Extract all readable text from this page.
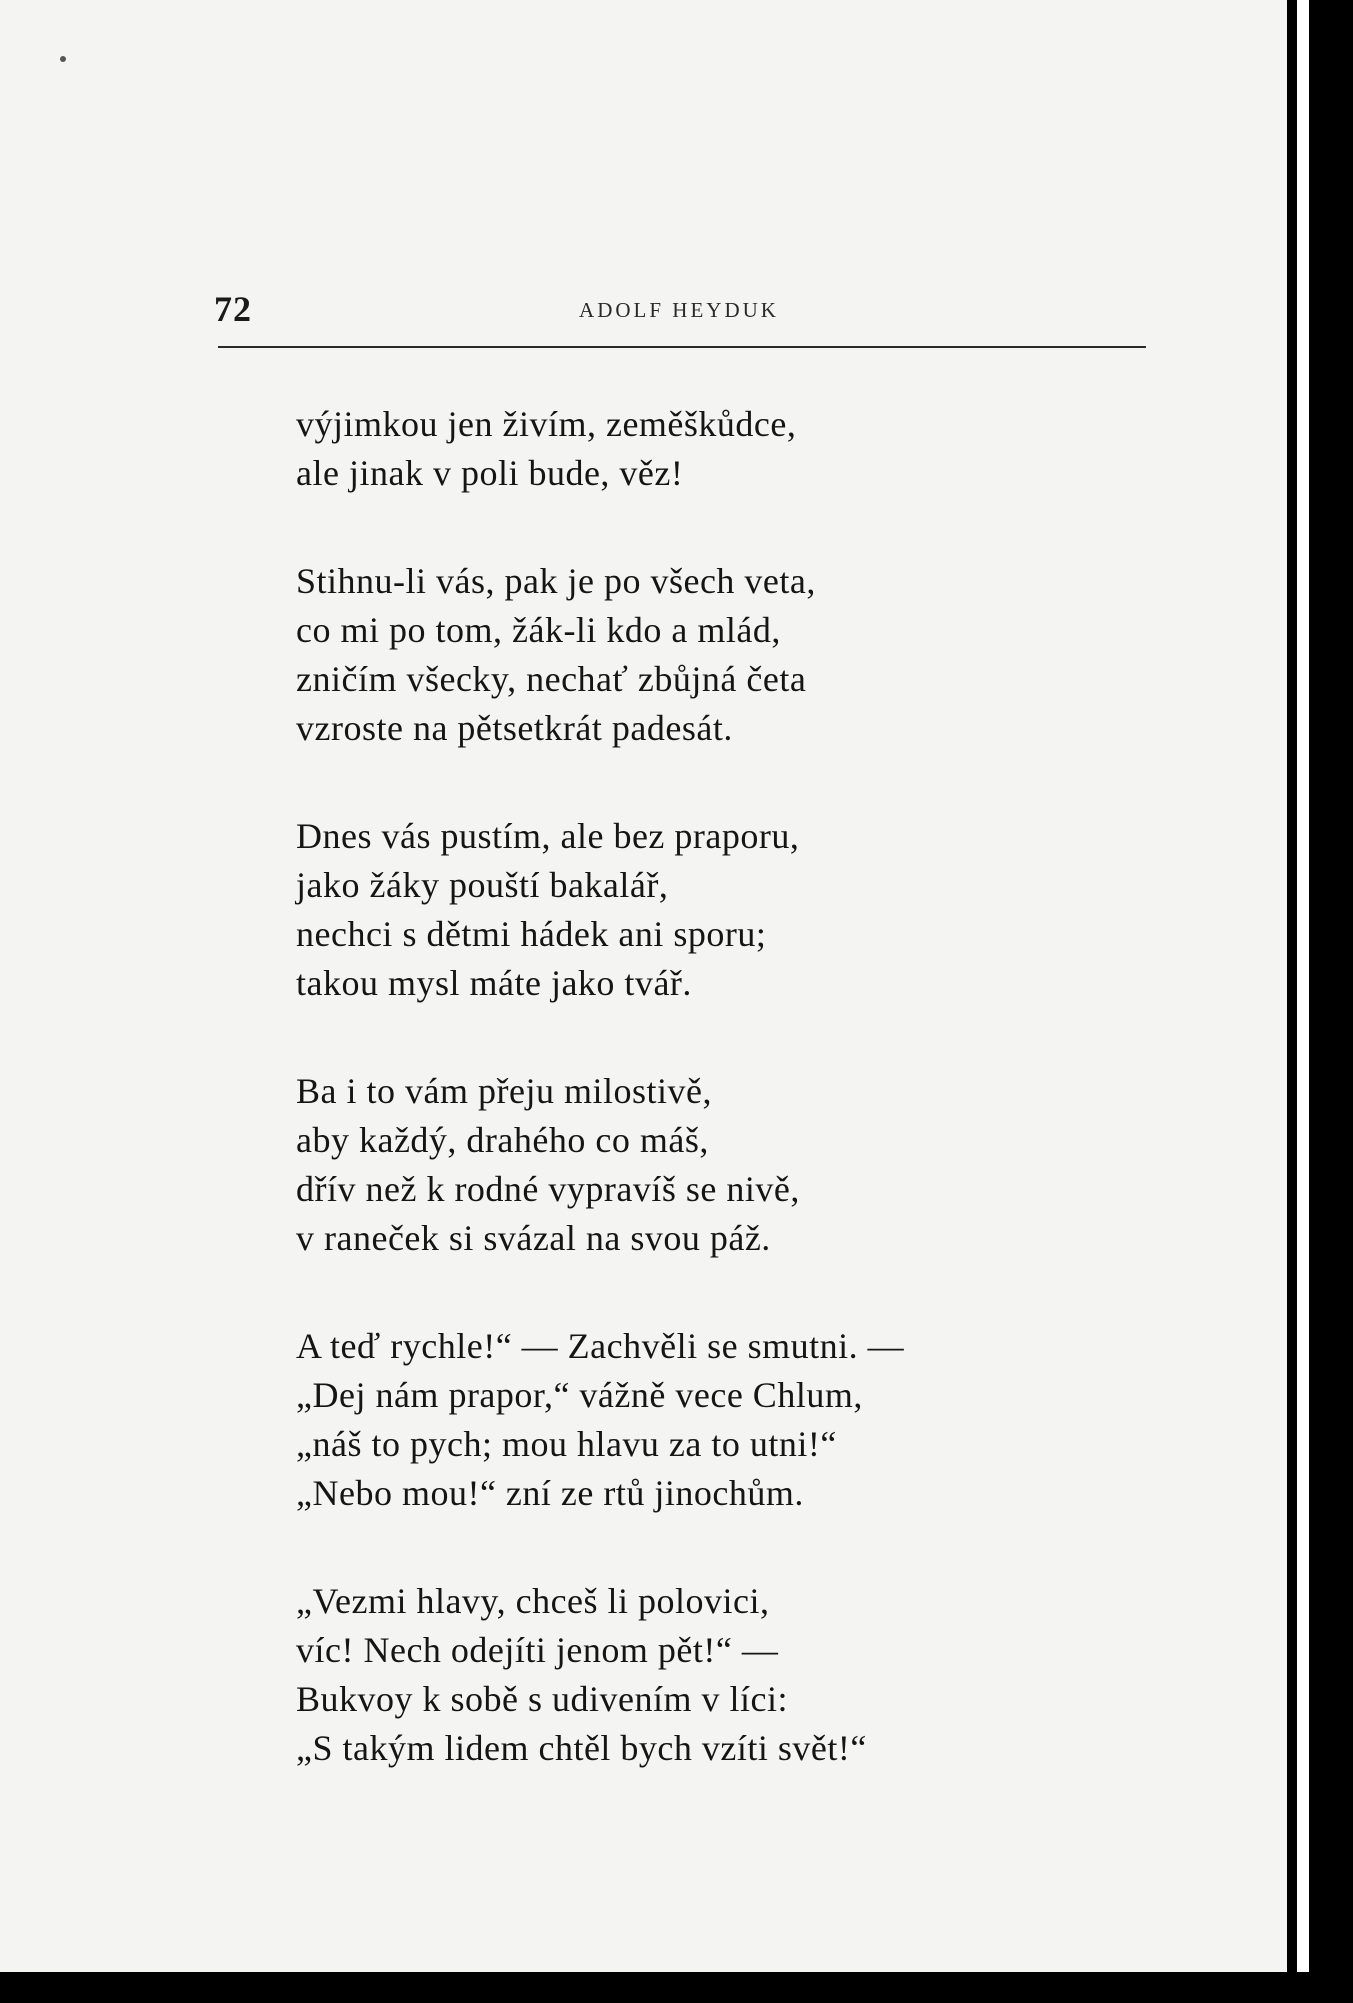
72	ADOLF HEYDUK
výjimkou jen živím, zeměškůdce,
ale jinak v poli bude, věz!
Stihnu-li vás, pak je po všech veta,
co mi po tom, žák-li kdo a mlád,
zničím všecky, nechať zbůjná četa
vzroste na pětsetkrát padesát.
Dnes vás pustím, ale bez praporu,
jako žáky pouští bakalář,
nechci s dětmi hádek ani sporu;
takou mysl máte jako tvář.
Ba i to vám přeju milostivě,
aby každý, drahého co máš,
dřív než k rodné vypravíš se nivě,
v raneček si svázal na svou páž.
A teď rychle!“ — Zachvěli se smutni. —
„Dej nám prapor,“ vážně vece Chlum,
„náš to pych; mou hlavu za to utni!“
„Nebo mou!“ zní ze rtů jinochům.
„Vezmi hlavy, chceš li polovici,
víc! Nech odejíti jenom pět!“ —
Bukvoy k sobě s udivením v líci:
„S takým lidem chtěl bych vzíti svět!“
